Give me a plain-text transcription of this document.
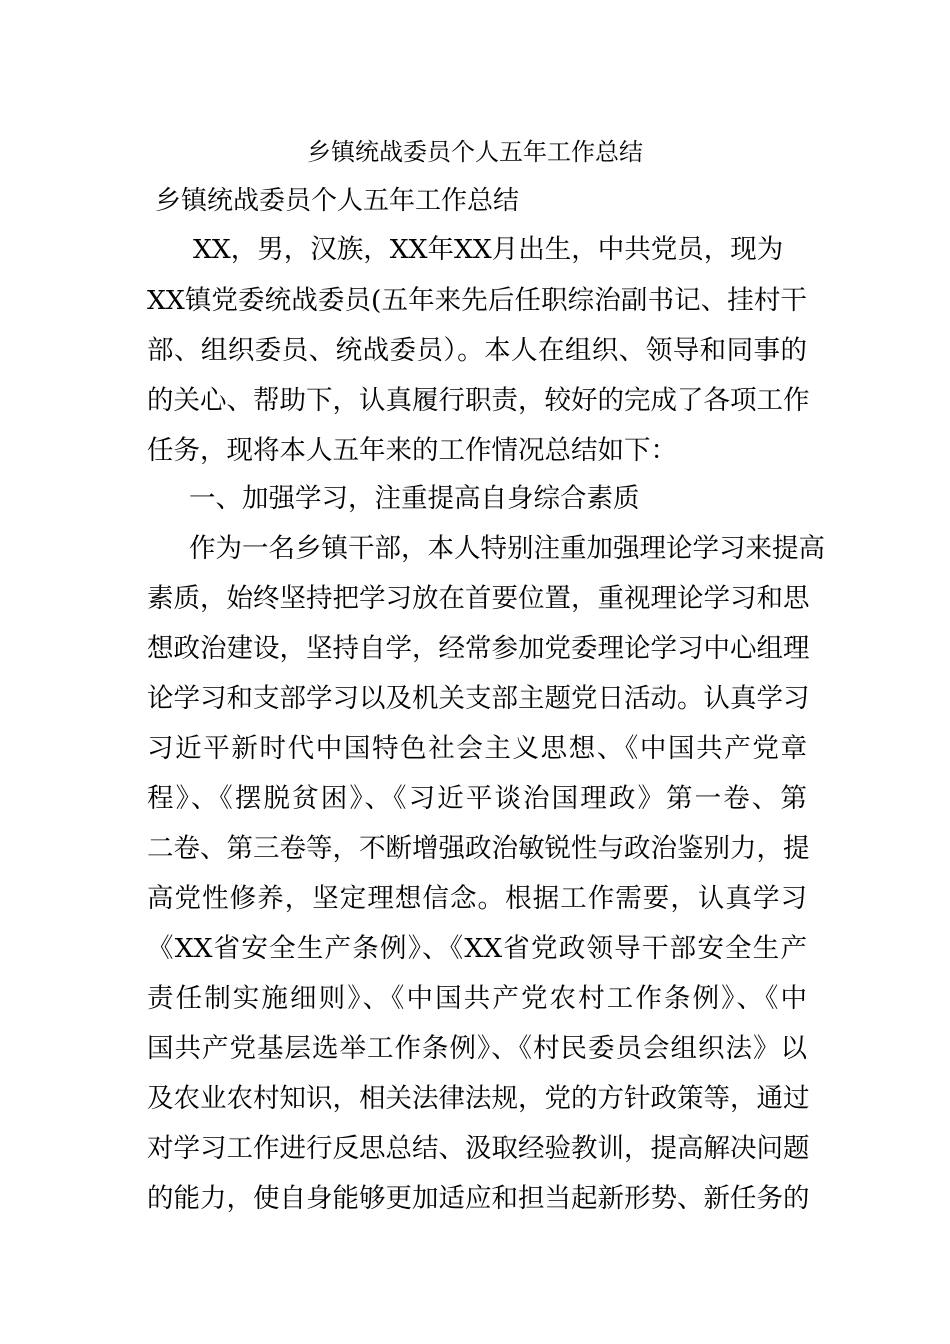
乡镇统战委员个人五年工作总结
乡镇统战委员个人五年工作总结
XX，男，汉族，XX年XX月出生，中共党员，现为
XX镇党委统战委员(五年来先后任职综治副书记、挂村干
部、组织委员、统战委员）。本人在组织、领导和同事的
的关心、帮助下，认真履行职责，较好的完成了各项工作
任务，现将本人五年来的工作情况总结如下：
一、加强学习，注重提高自身综合素质
作为一名乡镇干部，本人特别注重加强理论学习来提高
素质，始终坚持把学习放在首要位置，重视理论学习和思
想政治建设，坚持自学，经常参加党委理论学习中心组理
论学习和支部学习以及机关支部主题党日活动。认真学习
习近平新时代中国特色社会主义思想、《中国共产党章
程》、《摆脱贫困》、《习近平谈治国理政》第一卷、第
二卷、第三卷等，不断增强政治敏锐性与政治鉴别力，提
高党性修养，坚定理想信念。根据工作需要，认真学习
《XX省安全生产条例》、《XX省党政领导干部安全生产
责任制实施细则》、《中国共产党农村工作条例》、《中
国共产党基层选举工作条例》、《村民委员会组织法》以
及农业农村知识，相关法律法规，党的方针政策等，通过
对学习工作进行反思总结、汲取经验教训，提高解决问题
的能力，使自身能够更加适应和担当起新形势、新任务的
